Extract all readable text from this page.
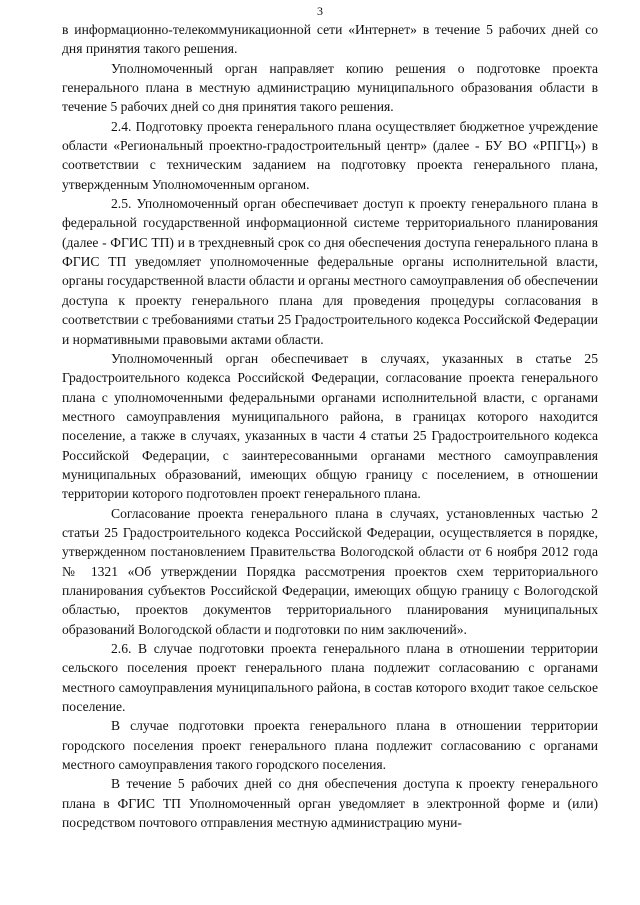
3

в информационно-телекоммуникационной сети «Интернет» в течение 5 рабочих дней со дня принятия такого решения.

Уполномоченный орган направляет копию решения о подготовке проекта генерального плана в местную администрацию муниципального образования области в течение 5 рабочих дней со дня принятия такого решения.

2.4. Подготовку проекта генерального плана осуществляет бюджетное учреждение области «Региональный проектно-градостроительный центр» (далее - БУ ВО «РПГЦ») в соответствии с техническим заданием на подготовку проекта генерального плана, утвержденным Уполномоченным органом.

2.5. Уполномоченный орган обеспечивает доступ к проекту генерального плана в федеральной государственной информационной системе территориального планирования (далее - ФГИС ТП) и в трехдневный срок со дня обеспечения доступа генерального плана в ФГИС ТП уведомляет уполномоченные федеральные органы исполнительной власти, органы государственной власти области и органы местного самоуправления об обеспечении доступа к проекту генерального плана для проведения процедуры согласования в соответствии с требованиями статьи 25 Градостроительного кодекса Российской Федерации и нормативными правовыми актами области.

Уполномоченный орган обеспечивает в случаях, указанных в статье 25 Градостроительного кодекса Российской Федерации, согласование проекта генерального плана с уполномоченными федеральными органами исполнительной власти, с органами местного самоуправления муниципального района, в границах которого находится поселение, а также в случаях, указанных в части 4 статьи 25 Градостроительного кодекса Российской Федерации, с заинтересованными органами местного самоуправления муниципальных образований, имеющих общую границу с поселением, в отношении территории которого подготовлен проект генерального плана.

Согласование проекта генерального плана в случаях, установленных частью 2 статьи 25 Градостроительного кодекса Российской Федерации, осуществляется в порядке, утвержденном постановлением Правительства Вологодской области от 6 ноября 2012 года № 1321 «Об утверждении Порядка рассмотрения проектов схем территориального планирования субъектов Российской Федерации, имеющих общую границу с Вологодской областью, проектов документов территориального планирования муниципальных образований Вологодской области и подготовки по ним заключений».

2.6. В случае подготовки проекта генерального плана в отношении территории сельского поселения проект генерального плана подлежит согласованию с органами местного самоуправления муниципального района, в состав которого входит такое сельское поселение.

В случае подготовки проекта генерального плана в отношении территории городского поселения проект генерального плана подлежит согласованию с органами местного самоуправления такого городского поселения.

В течение 5 рабочих дней со дня обеспечения доступа к проекту генерального плана в ФГИС ТП Уполномоченный орган уведомляет в электронной форме и (или) посредством почтового отправления местную администрацию муни-
